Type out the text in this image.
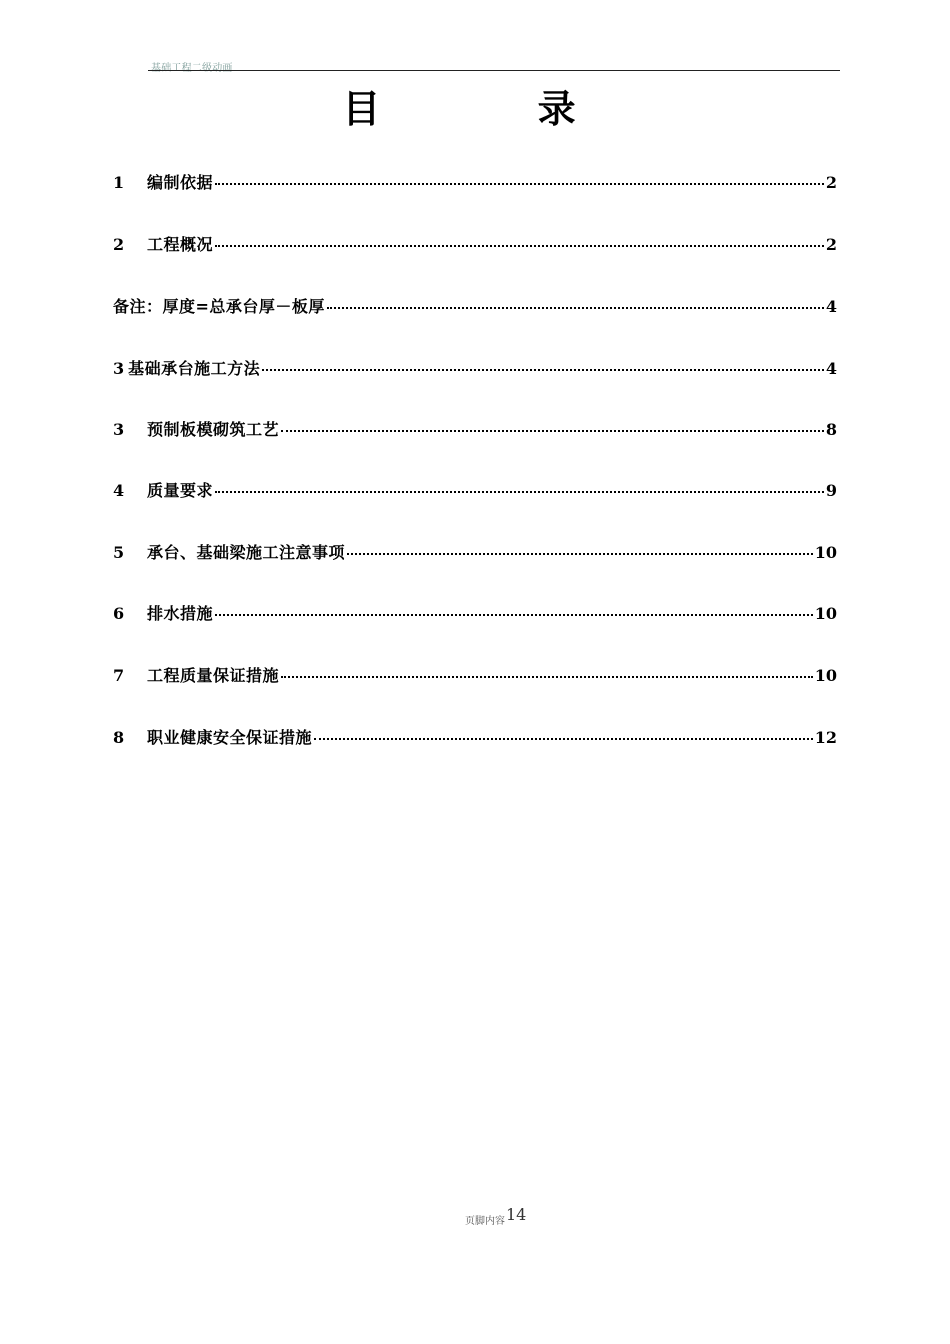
基础工程二级动画
目 录
1	编制依据	2
2	工程概况	2
备注：厚度=总承台厚－板厚	4
3 基础承台施工方法	4
3	预制板模砌筑工艺	8
4	质量要求	9
5	承台、基础梁施工注意事项	10
6	排水措施	10
7	工程质量保证措施	10
8	职业健康安全保证措施	12
页脚内容 14
